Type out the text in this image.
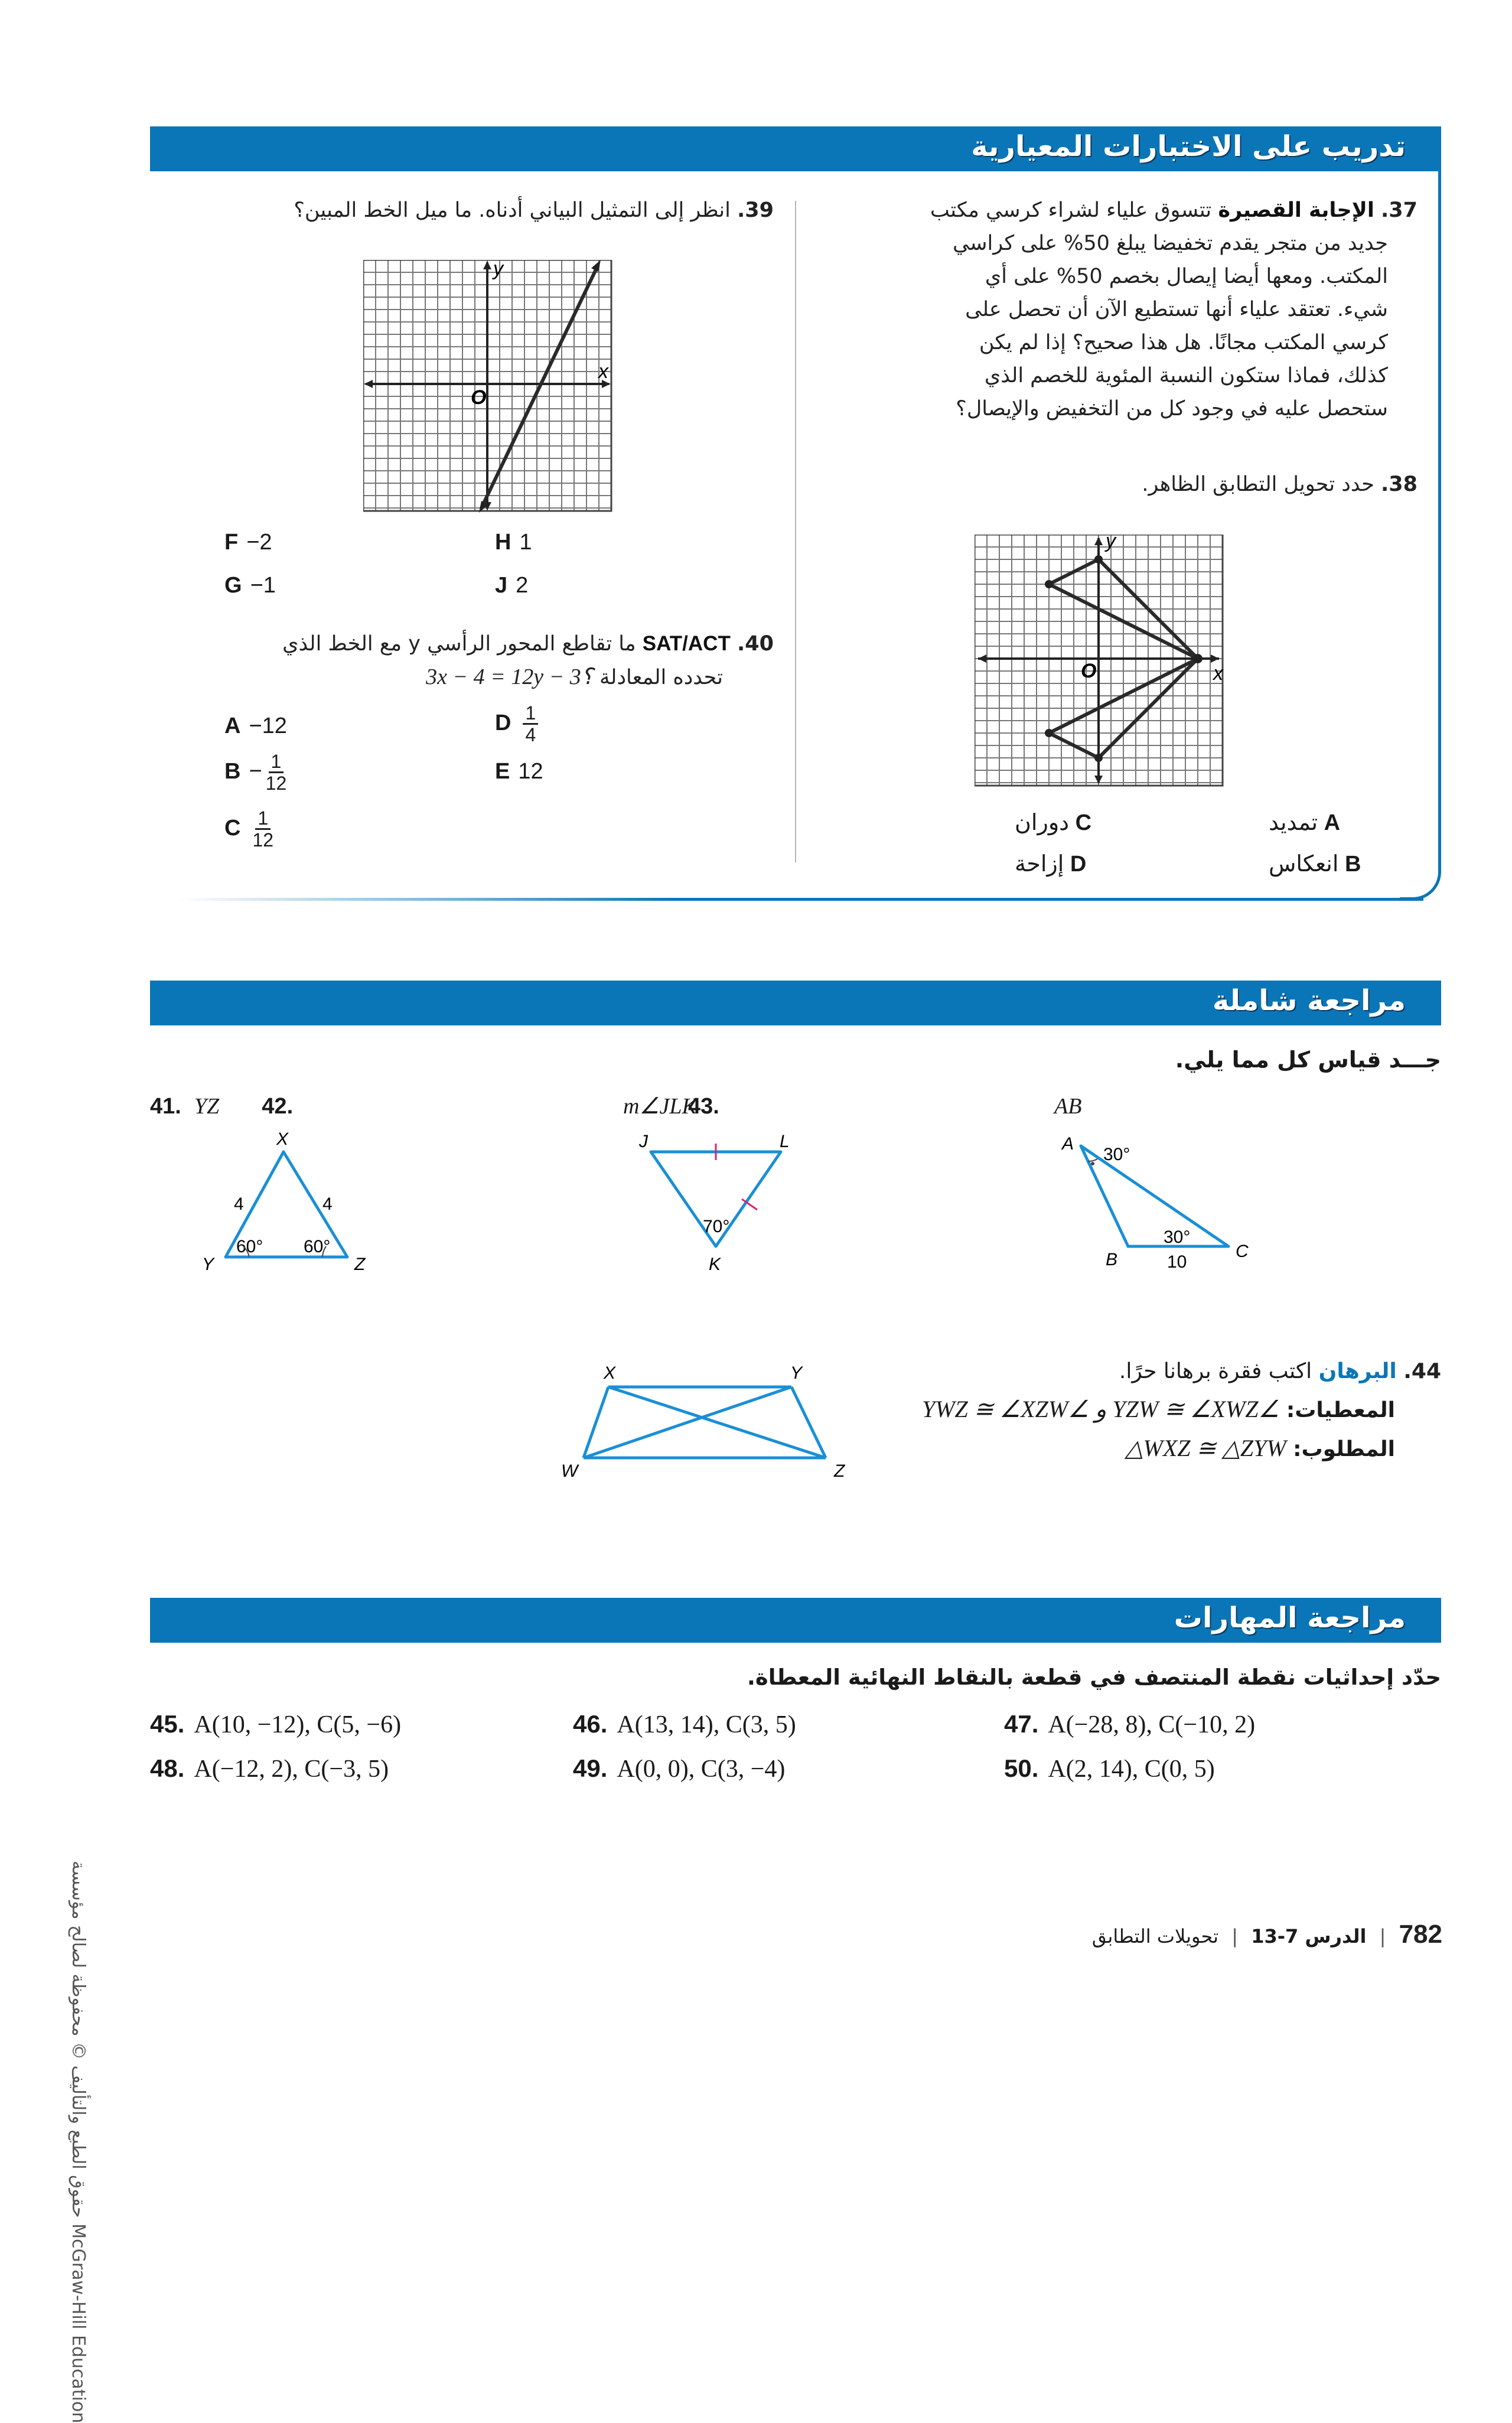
تدريب على الاختبارات المعيارية
37. الإجابة القصيرة تتسوق علياء لشراء كرسي مكتب
جديد من متجر يقدم تخفيضا يبلغ 50% على كراسي
المكتب. ومعها أيضا إيصال بخصم 50% على أي
شيء. تعتقد علياء أنها تستطيع الآن أن تحصل على
كرسي المكتب مجانًا. هل هذا صحيح؟ إذا لم يكن
كذلك، فماذا ستكون النسبة المئوية للخصم الذي
ستحصل عليه في وجود كل من التخفيض والإيصال؟
38. حدد تحويل التطابق الظاهر.
y
x
O
تمديد A
انعكاس B
دوران C
إزاحة D
39. انظر إلى التمثيل البياني أدناه. ما ميل الخط المبين؟
y
x
O
F −2
G −1
H 1
J 2
40. SAT/ACT ما تقاطع المحور الرأسي y مع الخط الذي
تحدده المعادلة 3x − 4 = 12y − 3؟
A −12
$B - \frac{1}{12}$
C $\frac{1}{12}$
D $\frac{1}{4}$
E 12
مراجعة شاملة
جـــد قياس كل مما يلي.
41. YZ 42.	m∠JLK
43.	AB
X
Y	Z
4	4
60° 60°
J	L
K
70°
A
B	C
30°
30°
10
44. البرهان اكتب فقرة برهانا حرًا.
المعطيات: ∠YZW ≅ ∠XWZ و ∠YWZ ≅ ∠XZW
المطلوب: △WXZ ≅ △ZYW
X	Y
W	Z
مراجعة المهارات
حدّد إحداثيات نقطة المنتصف في قطعة بالنقاط النهائية المعطاة.
45. A(10, −12), C(5, −6)	46. A(13, 14), C(3, 5)	47. A(−28, 8), C(−10, 2)
48. A(−12, 2), C(−3, 5)	49. A(0, 0), C(3, −4)	50. A(2, 14), C(0, 5)
782 | الدرس 7-13 | تحويلات التطابق
حقوق الطبع والتأليف © محفوظة لصالح مؤسسة McGraw-Hill Education
